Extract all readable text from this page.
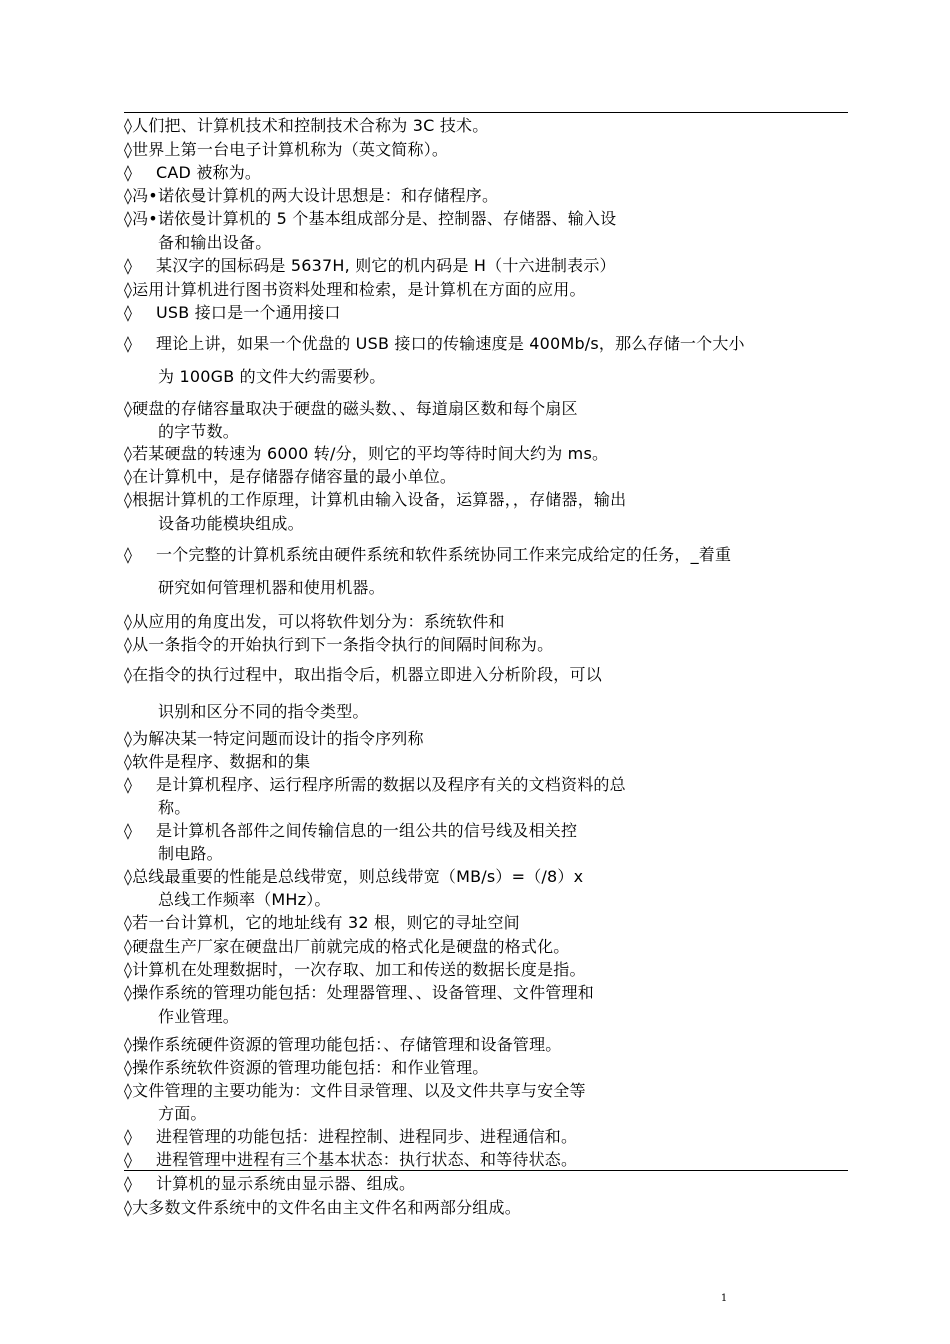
◊人们把、计算机技术和控制技术合称为 3C 技术。
◊世界上第一台电子计算机称为（英文简称）。
◊ CAD 被称为。
◊冯•诺依曼计算机的两大设计思想是：和存储程序。
◊冯•诺依曼计算机的 5 个基本组成部分是、控制器、存储器、输入设
备和输出设备。
◊ 某汉字的国标码是 5637H, 则它的机内码是 H（十六进制表示）
◊运用计算机进行图书资料处理和检索，是计算机在方面的应用。
◊ USB 接口是一个通用接口
◊ 理论上讲，如果一个优盘的 USB 接口的传输速度是 400Mb/s，那么存储一个大小
为 100GB 的文件大约需要秒。
◊硬盘的存储容量取决于硬盘的磁头数、、每道扇区数和每个扇区
的字节数。
◊若某硬盘的转速为 6000 转/分，则它的平均等待时间大约为 ms。
◊在计算机中，是存储器存储容量的最小单位。
◊根据计算机的工作原理，计算机由输入设备，运算器，，存储器，输出
设备功能模块组成。
◊ 一个完整的计算机系统由硬件系统和软件系统协同工作来完成给定的任务，_着重
研究如何管理机器和使用机器。
◊从应用的角度出发，可以将软件划分为：系统软件和
◊从一条指令的开始执行到下一条指令执行的间隔时间称为。
◊在指令的执行过程中，取出指令后，机器立即进入分析阶段，可以
识别和区分不同的指令类型。
◊为解决某一特定问题而设计的指令序列称
◊软件是程序、数据和的集
◊ 是计算机程序、运行程序所需的数据以及程序有关的文档资料的总
称。
◊ 是计算机各部件之间传输信息的一组公共的信号线及相关控
制电路。
◊总线最重要的性能是总线带宽，则总线带宽（MB/s）=（/8）x
总线工作频率（MHz）。
◊若一台计算机，它的地址线有 32 根，则它的寻址空间
◊硬盘生产厂家在硬盘出厂前就完成的格式化是硬盘的格式化。
◊计算机在处理数据时，一次存取、加工和传送的数据长度是指。
◊操作系统的管理功能包括：处理器管理、、设备管理、文件管理和
作业管理。
◊操作系统硬件资源的管理功能包括：、存储管理和设备管理。
◊操作系统软件资源的管理功能包括：和作业管理。
◊文件管理的主要功能为：文件目录管理、以及文件共享与安全等
方面。
◊ 进程管理的功能包括：进程控制、进程同步、进程通信和。
◊ 进程管理中进程有三个基本状态：执行状态、和等待状态。
◊ 计算机的显示系统由显示器、组成。
◊大多数文件系统中的文件名由主文件名和两部分组成。
1
